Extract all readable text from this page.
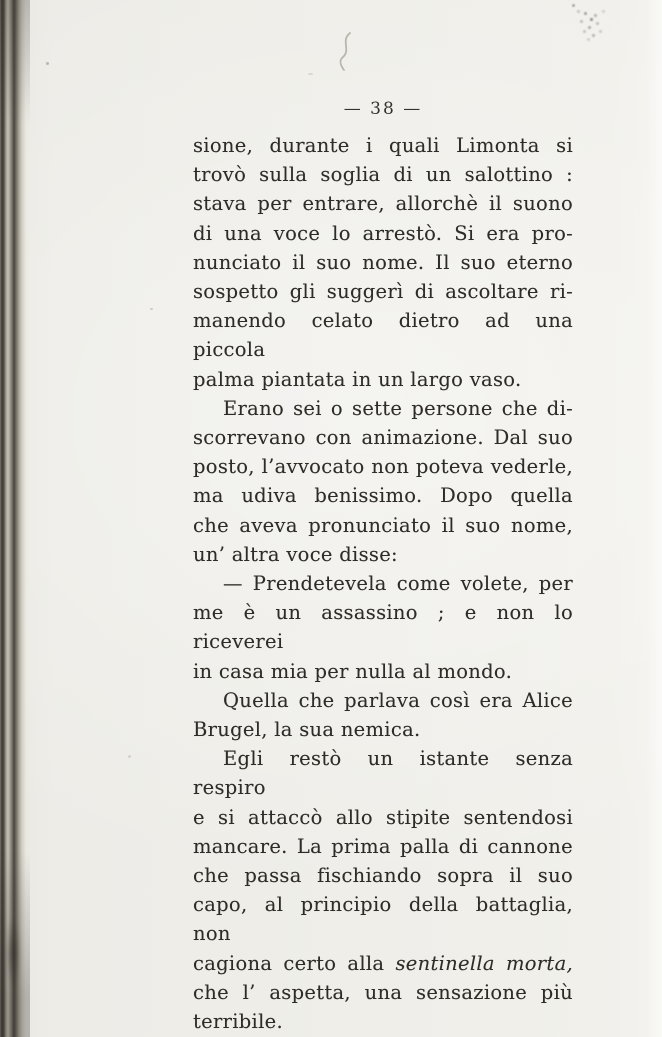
— 38 —
sione, durante i quali Limonta si
trovò sulla soglia di un salottino :
stava per entrare, allorchè il suono
di una voce lo arrestò. Si era pro-
nunciato il suo nome. Il suo eterno
sospetto gli suggerì di ascoltare ri-
manendo celato dietro ad una piccola
palma piantata in un largo vaso.
Erano sei o sette persone che di-
scorrevano con animazione. Dal suo
posto, l’avvocato non poteva vederle,
ma udiva benissimo. Dopo quella
che aveva pronunciato il suo nome,
un’ altra voce disse:
— Prendetevela come volete, per
me è un assassino ; e non lo riceverei
in casa mia per nulla al mondo.
Quella che parlava così era Alice
Brugel, la sua nemica.
Egli restò un istante senza respiro
e si attaccò allo stipite sentendosi
mancare. La prima palla di cannone
che passa fischiando sopra il suo
capo, al principio della battaglia, non
cagiona certo alla sentinella morta,
che l’ aspetta, una sensazione più
terribile.
